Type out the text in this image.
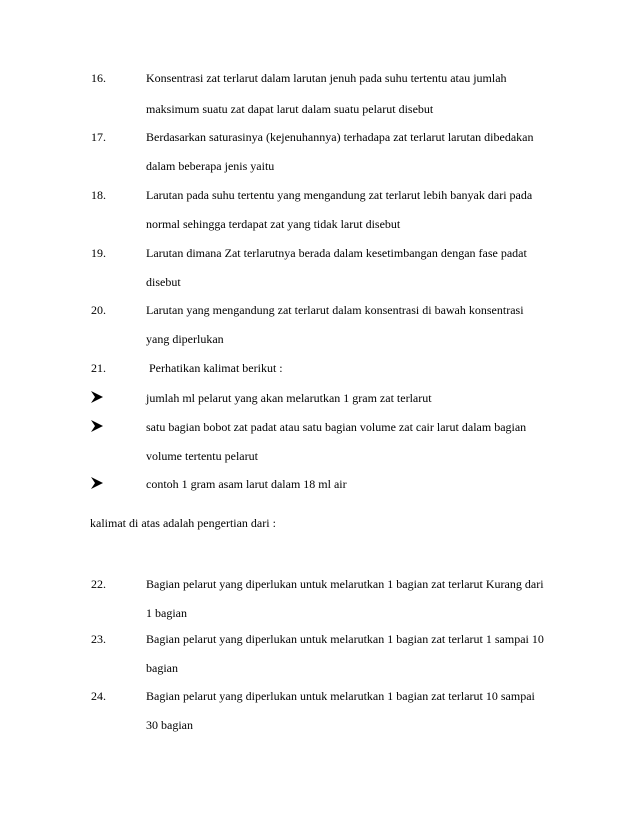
16.	Konsentrasi zat terlarut dalam larutan jenuh pada suhu tertentu atau jumlah
maksimum suatu zat dapat larut dalam suatu pelarut disebut
17.	Berdasarkan saturasinya (kejenuhannya) terhadapa zat terlarut larutan dibedakan
dalam beberapa jenis yaitu
18.	Larutan pada suhu tertentu yang mengandung zat terlarut lebih banyak dari pada
normal sehingga terdapat zat yang tidak larut disebut
19.	Larutan dimana Zat terlarutnya berada dalam kesetimbangan dengan fase padat
disebut
20.	Larutan yang mengandung zat terlarut dalam konsentrasi di bawah konsentrasi
yang diperlukan
21.	Perhatikan kalimat berikut :
jumlah ml pelarut yang akan melarutkan 1 gram zat terlarut
satu bagian bobot zat padat atau satu bagian volume zat cair larut dalam bagian
volume tertentu pelarut
contoh 1 gram asam larut dalam 18 ml air
kalimat di atas adalah pengertian dari :
22.	Bagian pelarut yang diperlukan untuk melarutkan 1 bagian zat terlarut Kurang dari
1 bagian
23.	Bagian pelarut yang diperlukan untuk melarutkan 1 bagian zat terlarut 1 sampai 10
bagian
24.	Bagian pelarut yang diperlukan untuk melarutkan 1 bagian zat terlarut 10 sampai
30 bagian
